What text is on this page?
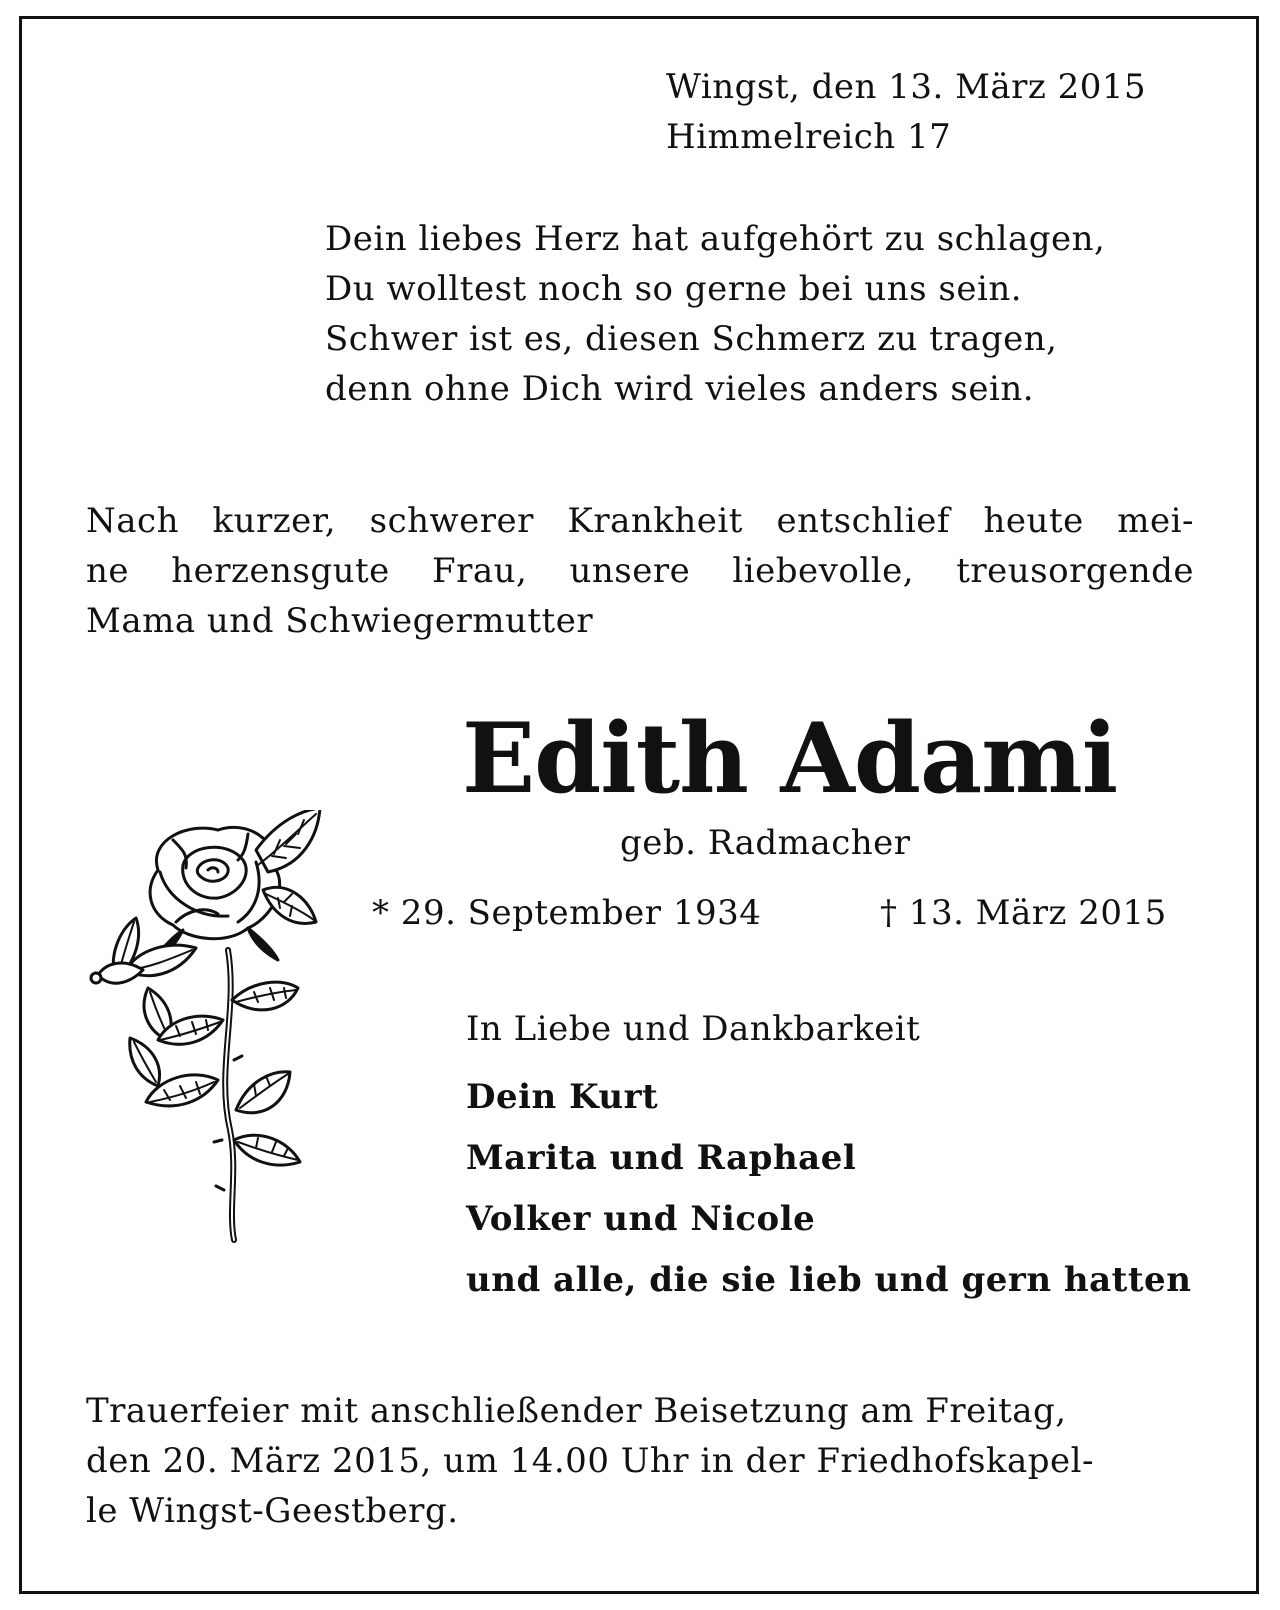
Wingst, den 13. März 2015
Himmelreich 17
Dein liebes Herz hat aufgehört zu schlagen,
Du wolltest noch so gerne bei uns sein.
Schwer ist es, diesen Schmerz zu tragen,
denn ohne Dich wird vieles anders sein.
Nach kurzer, schwerer Krankheit entschlief heute mei-
ne herzensgute Frau, unsere liebevolle, treusorgende
Mama und Schwiegermutter
Edith Adami
geb. Radmacher
* 29. September 1934	† 13. März 2015
In Liebe und Dankbarkeit
Dein Kurt
Marita und Raphael
Volker und Nicole
und alle, die sie lieb und gern hatten
Trauerfeier mit anschließender Beisetzung am Freitag,
den 20. März 2015, um 14.00 Uhr in der Friedhofskapel-
le Wingst-Geestberg.
